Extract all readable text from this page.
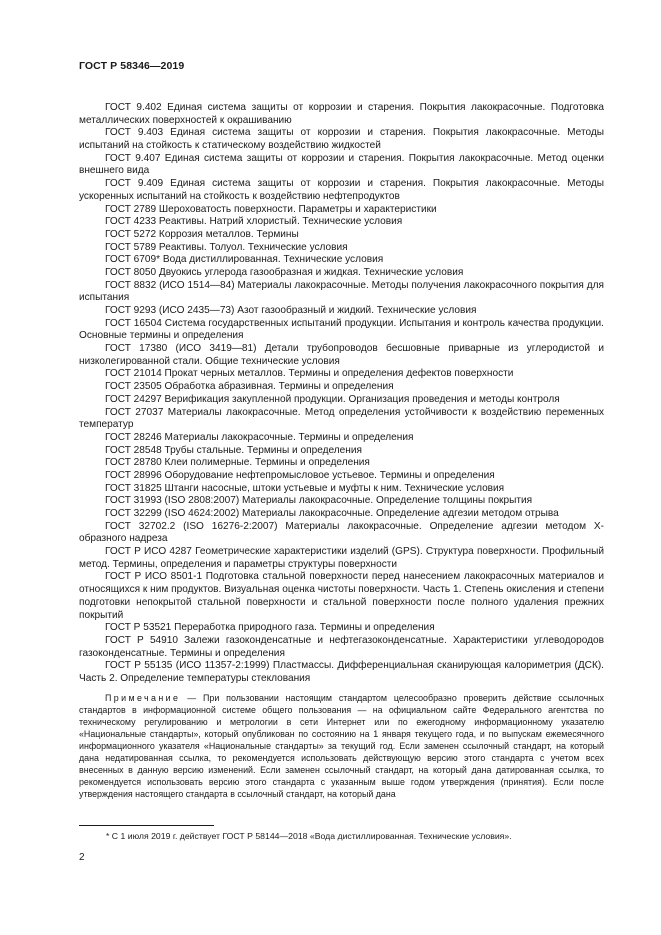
ГОСТ Р 58346—2019

ГОСТ 9.402 Единая система защиты от коррозии и старения. Покрытия лакокрасочные. Подготовка металлических поверхностей к окрашиванию

ГОСТ 9.403 Единая система защиты от коррозии и старения. Покрытия лакокрасочные. Методы испытаний на стойкость к статическому воздействию жидкостей

ГОСТ 9.407 Единая система защиты от коррозии и старения. Покрытия лакокрасочные. Метод оценки внешнего вида

ГОСТ 9.409 Единая система защиты от коррозии и старения. Покрытия лакокрасочные. Методы ускоренных испытаний на стойкость к воздействию нефтепродуктов

ГОСТ 2789 Шероховатость поверхности. Параметры и характеристики

ГОСТ 4233 Реактивы. Натрий хлористый. Технические условия

ГОСТ 5272 Коррозия металлов. Термины

ГОСТ 5789 Реактивы. Толуол. Технические условия

ГОСТ 6709* Вода дистиллированная. Технические условия

ГОСТ 8050 Двуокись углерода газообразная и жидкая. Технические условия

ГОСТ 8832 (ИСО 1514—84) Материалы лакокрасочные. Методы получения лакокрасочного покрытия для испытания

ГОСТ 9293 (ИСО 2435—73) Азот газообразный и жидкий. Технические условия

ГОСТ 16504 Система государственных испытаний продукции. Испытания и контроль качества продукции. Основные термины и определения

ГОСТ 17380 (ИСО 3419—81) Детали трубопроводов бесшовные приварные из углеродистой и низколегированной стали. Общие технические условия

ГОСТ 21014 Прокат черных металлов. Термины и определения дефектов поверхности

ГОСТ 23505 Обработка абразивная. Термины и определения

ГОСТ 24297 Верификация закупленной продукции. Организация проведения и методы контроля

ГОСТ 27037 Материалы лакокрасочные. Метод определения устойчивости к воздействию переменных температур

ГОСТ 28246 Материалы лакокрасочные. Термины и определения

ГОСТ 28548 Трубы стальные. Термины и определения

ГОСТ 28780 Клеи полимерные. Термины и определения

ГОСТ 28996 Оборудование нефтепромысловое устьевое. Термины и определения

ГОСТ 31825 Штанги насосные, штоки устьевые и муфты к ним. Технические условия

ГОСТ 31993 (ISO 2808:2007) Материалы лакокрасочные. Определение толщины покрытия

ГОСТ 32299 (ISO 4624:2002) Материалы лакокрасочные. Определение адгезии методом отрыва

ГОСТ 32702.2 (ISO 16276-2:2007) Материалы лакокрасочные. Определение адгезии методом Х-образного надреза

ГОСТ Р ИСО 4287 Геометрические характеристики изделий (GPS). Структура поверхности. Профильный метод. Термины, определения и параметры структуры поверхности

ГОСТ Р ИСО 8501-1 Подготовка стальной поверхности перед нанесением лакокрасочных материалов и относящихся к ним продуктов. Визуальная оценка чистоты поверхности. Часть 1. Степень окисления и степени подготовки непокрытой стальной поверхности и стальной поверхности после полного удаления прежних покрытий

ГОСТ Р 53521 Переработка природного газа. Термины и определения

ГОСТ Р 54910 Залежи газоконденсатные и нефтегазоконденсатные. Характеристики углеводородов газоконденсатные. Термины и определения

ГОСТ Р 55135 (ИСО 11357-2:1999) Пластмассы. Дифференциальная сканирующая калориметрия (ДСК). Часть 2. Определение температуры стеклования

Примечание — При пользовании настоящим стандартом целесообразно проверить действие ссылочных стандартов в информационной системе общего пользования — на официальном сайте Федерального агентства по техническому регулированию и метрологии в сети Интернет или по ежегодному информационному указателю «Национальные стандарты», который опубликован по состоянию на 1 января текущего года, и по выпускам ежемесячного информационного указателя «Национальные стандарты» за текущий год. Если заменен ссылочный стандарт, на который дана недатированная ссылка, то рекомендуется использовать действующую версию этого стандарта с учетом всех внесенных в данную версию изменений. Если заменен ссылочный стандарт, на который дана датированная ссылка, то рекомендуется использовать версию этого стандарта с указанным выше годом утверждения (принятия). Если после утверждения настоящего стандарта в ссылочный стандарт, на который дана

* С 1 июля 2019 г. действует ГОСТ Р 58144—2018 «Вода дистиллированная. Технические условия».
2
